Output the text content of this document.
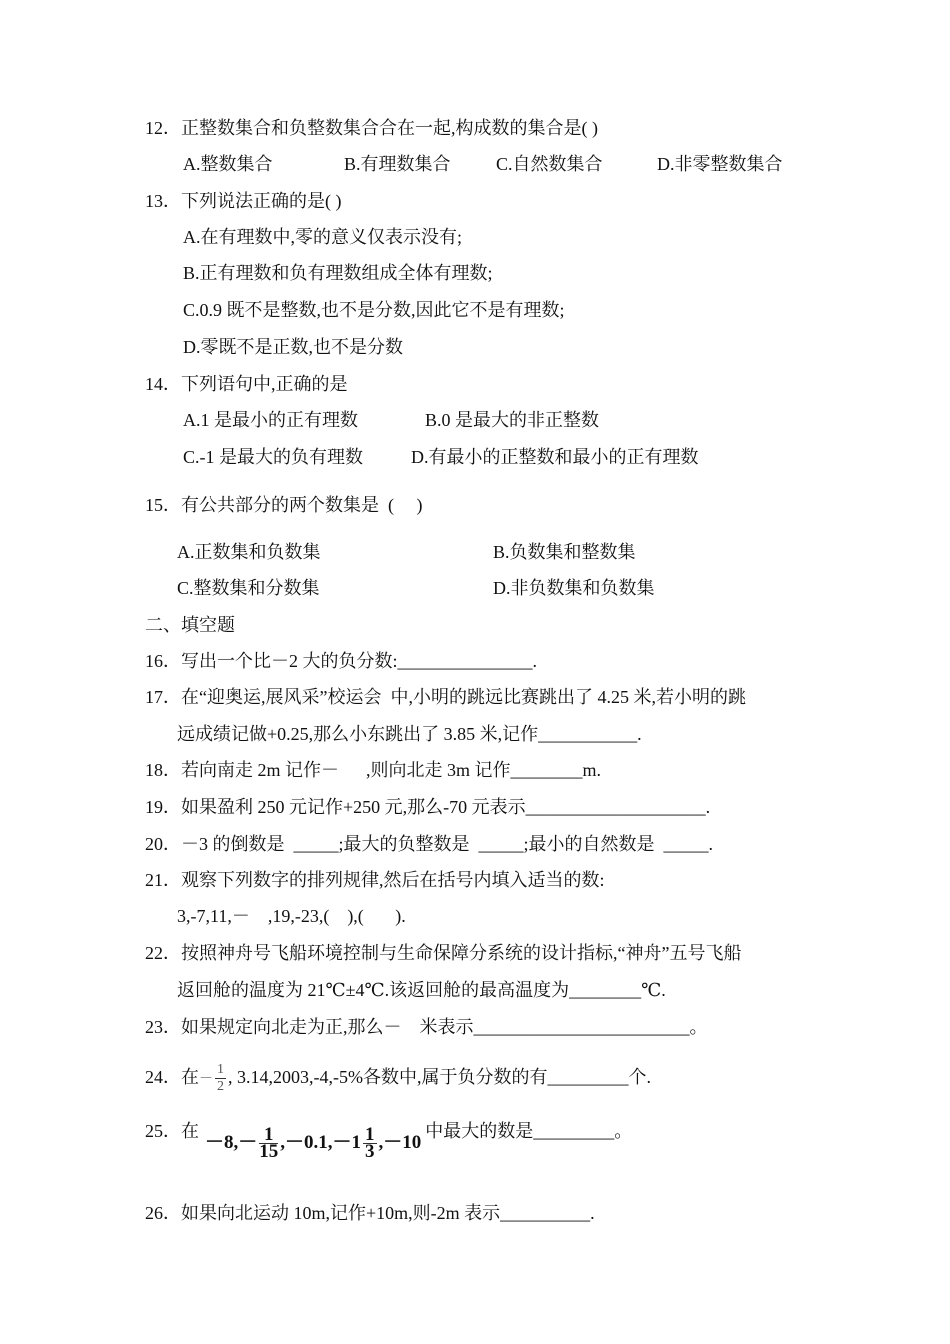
12．正整数集合和负整数集合合在一起,构成数的集合是( )
A.整数集合	B.有理数集合	C.自然数集合	D.非零整数集合
13．下列说法正确的是( )
A.在有理数中,零的意义仅表示没有;
B.正有理数和负有理数组成全体有理数;
C.0.9 既不是整数,也不是分数,因此它不是有理数;
D.零既不是正数,也不是分数
14．下列语句中,正确的是
A.1 是最小的正有理数	B.0 是最大的非正整数
C.-1 是最大的负有理数	D.有最小的正整数和最小的正有理数
15．有公共部分的两个数集是  (     )
A.正数集和负数集	B.负数集和整数集
C.整数集和分数集	D.非负数集和负数集
二、填空题
16．写出一个比－2 大的负分数:_______________.
17．在“迎奥运,展风采”校运会  中,小明的跳远比赛跳出了 4.25 米,若小明的跳
远成绩记做+0.25,那么小东跳出了 3.85 米,记作___________.
18．若向南走 2m 记作－      ,则向北走 3m 记作________m.
19．如果盈利 250 元记作+250 元,那么-70 元表示____________________.
20．－3 的倒数是  _____;最大的负整数是  _____;最小的自然数是  _____.
21．观察下列数字的排列规律,然后在括号内填入适当的数:
3,-7,11,－    ,19,-23,(    ),(       ).
22．按照神舟号飞船环境控制与生命保障分系统的设计指标,“神舟”五号飞船
返回舱的温度为 21℃±4℃.该返回舱的最高温度为________℃.
23．如果规定向北走为正,那么－    米表示________________________。
24．在－ $\frac{1}{2}$ , 3.14,2003,-4,-5%各数中,属于负分数的有_________个.
25．在$-8,- \frac{1}{15} ,-0.1,-1 \frac{1}{3} ,-10$中最大的数是_________。
26．如果向北运动 10m,记作+10m,则-2m 表示__________.
